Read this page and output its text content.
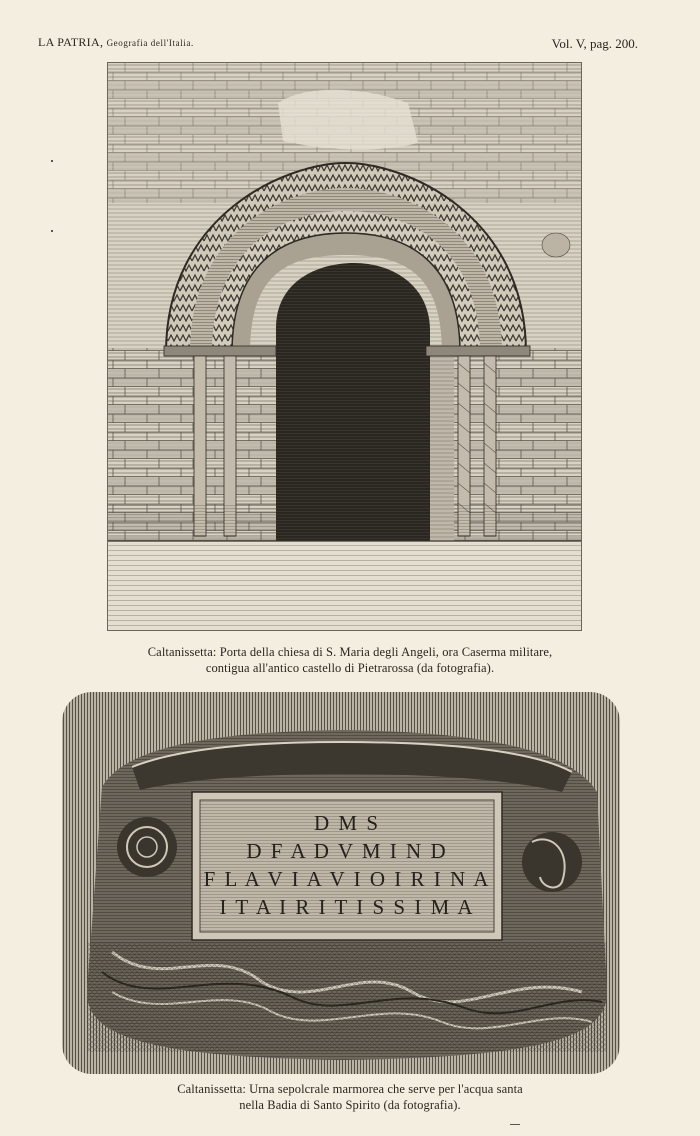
LA PATRIA, Geografia dell'Italia.	Vol. V, pag. 200.
Caltanissetta: Porta della chiesa di S. Maria degli Angeli, ora Caserma militare,
contigua all'antico castello di Pietrarossa (da fotografia).
D M S
D F A D V M I N D
F L A V I A V I O I R I N A
I T A I R I T I S S I M A
Caltanissetta: Urna sepolcrale marmorea che serve per l'acqua santa
nella Badia di Santo Spirito (da fotografia).
